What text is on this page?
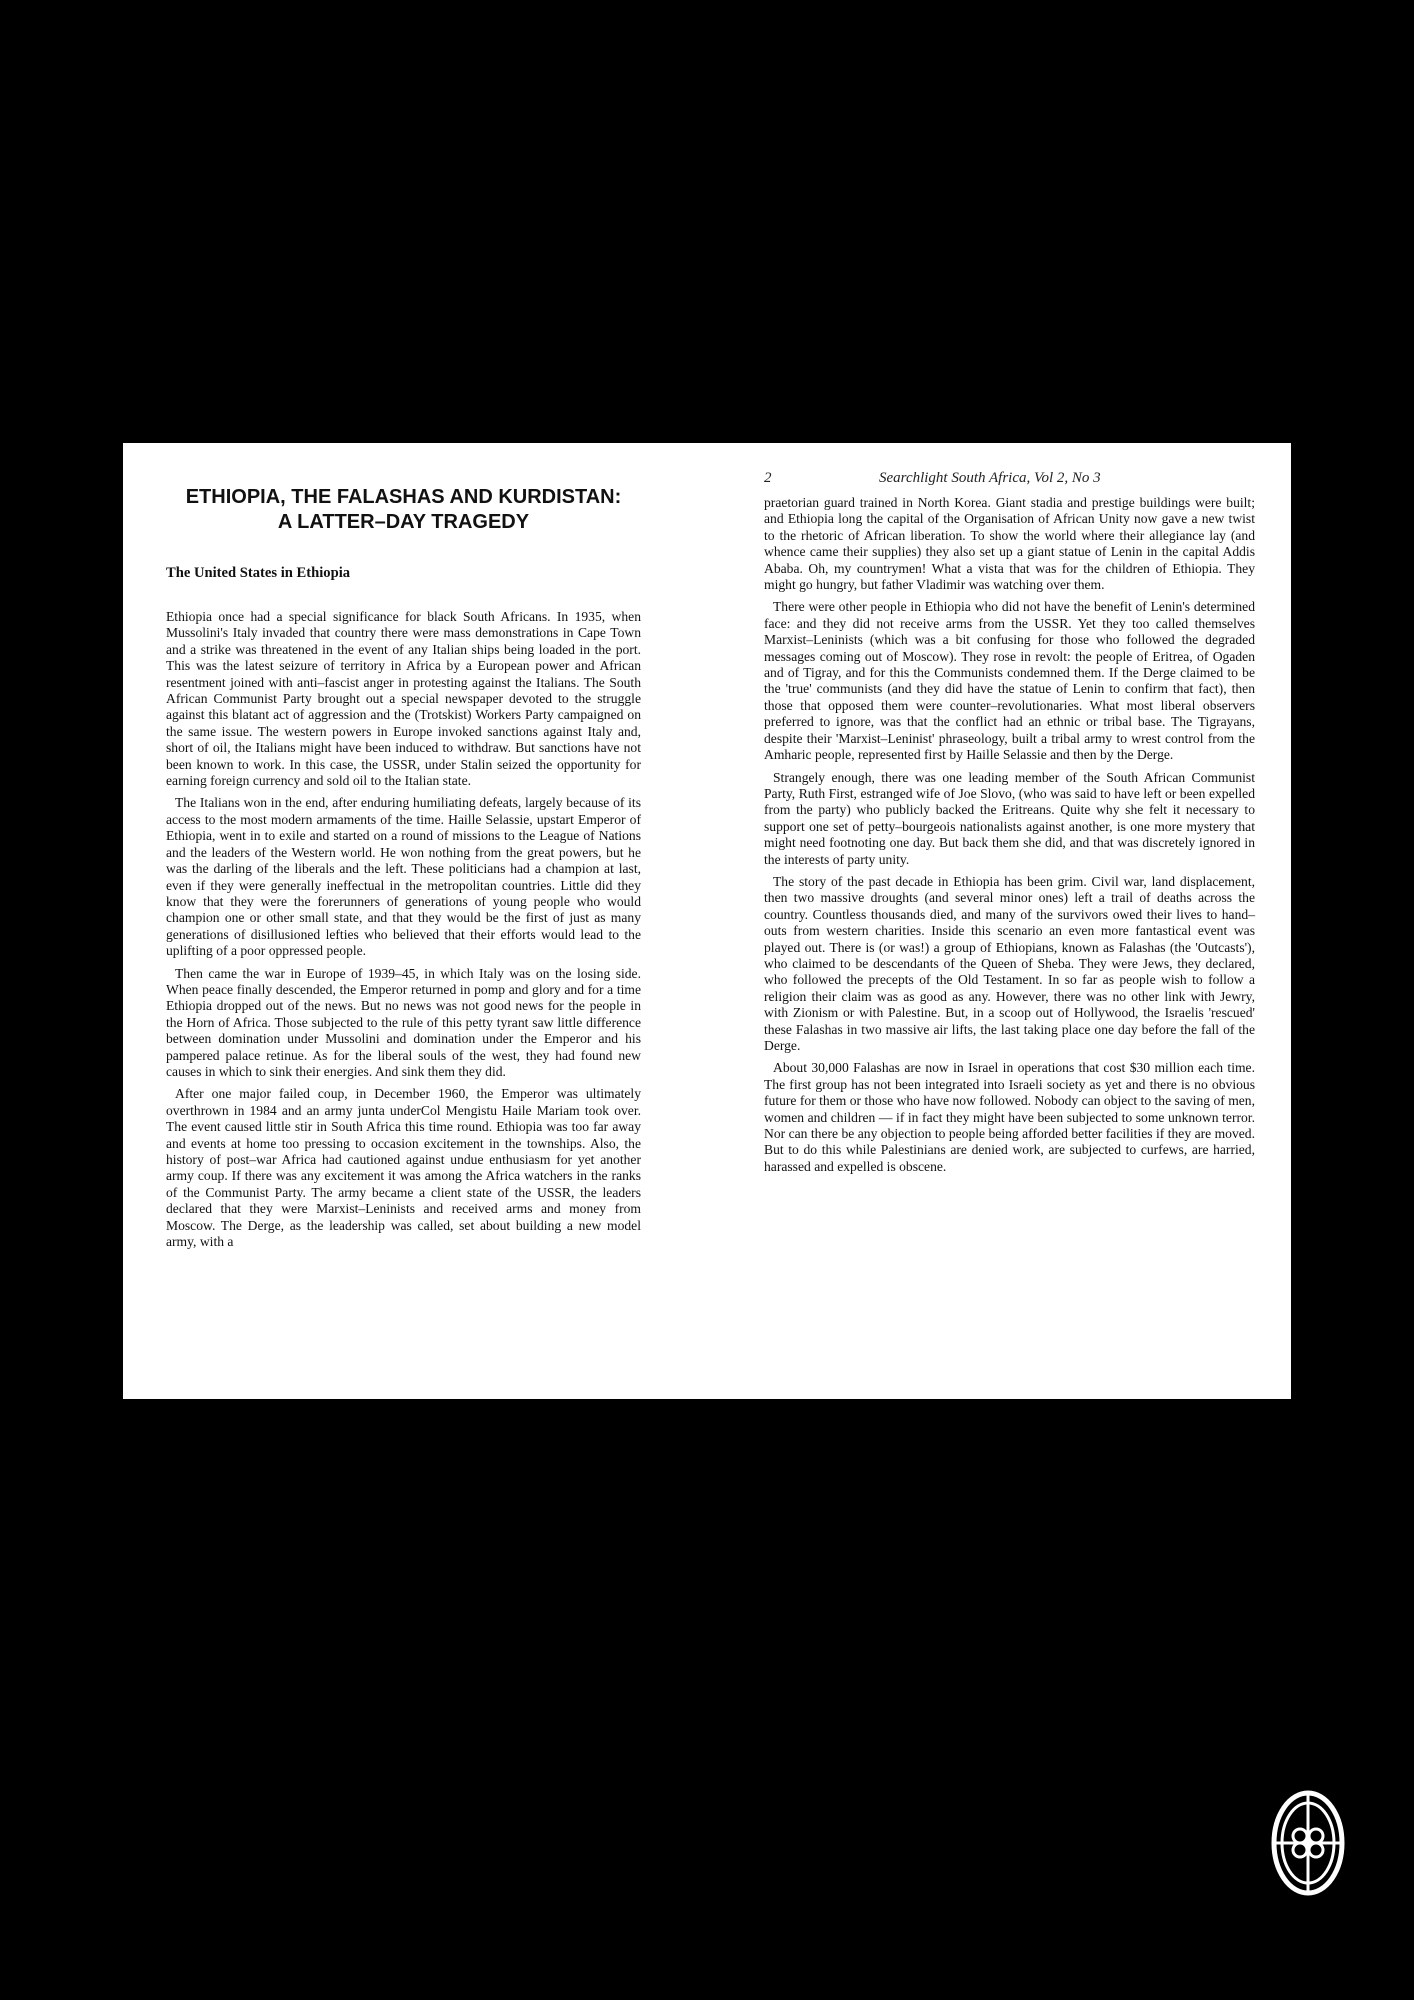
ETHIOPIA, THE FALASHAS AND KURDISTAN:
A LATTER–DAY TRAGEDY
The United States in Ethiopia

Ethiopia once had a special significance for black South Africans. In 1935, when Mussolini's Italy invaded that country there were mass demonstrations in Cape Town and a strike was threatened in the event of any Italian ships being loaded in the port. This was the latest seizure of territory in Africa by a European power and African resentment joined with anti–fascist anger in protesting against the Italians. The South African Communist Party brought out a special newspaper devoted to the struggle against this blatant act of aggression and the (Trotskist) Workers Party campaigned on the same issue. The western powers in Europe invoked sanctions against Italy and, short of oil, the Italians might have been induced to withdraw. But sanctions have not been known to work. In this case, the USSR, under Stalin seized the opportunity for earning foreign currency and sold oil to the Italian state.

The Italians won in the end, after enduring humiliating defeats, largely because of its access to the most modern armaments of the time. Haille Selassie, upstart Emperor of Ethiopia, went in to exile and started on a round of missions to the League of Nations and the leaders of the Western world. He won nothing from the great powers, but he was the darling of the liberals and the left. These politicians had a champion at last, even if they were generally ineffectual in the metropolitan countries. Little did they know that they were the forerunners of generations of young people who would champion one or other small state, and that they would be the first of just as many generations of disillusioned lefties who believed that their efforts would lead to the uplifting of a poor oppressed people.

Then came the war in Europe of 1939–45, in which Italy was on the losing side. When peace finally descended, the Emperor returned in pomp and glory and for a time Ethiopia dropped out of the news. But no news was not good news for the people in the Horn of Africa. Those subjected to the rule of this petty tyrant saw little difference between domination under Mussolini and domination under the Emperor and his pampered palace retinue. As for the liberal souls of the west, they had found new causes in which to sink their energies. And sink them they did.

After one major failed coup, in December 1960, the Emperor was ultimately overthrown in 1984 and an army junta underCol Mengistu Haile Mariam took over. The event caused little stir in South Africa this time round. Ethiopia was too far away and events at home too pressing to occasion excitement in the townships. Also, the history of post–war Africa had cautioned against undue enthusiasm for yet another army coup. If there was any excitement it was among the Africa watchers in the ranks of the Communist Party. The army became a client state of the USSR, the leaders declared that they were Marxist–Leninists and received arms and money from Moscow. The Derge, as the leadership was called, set about building a new model army, with a

2	Searchlight South Africa, Vol 2, No 3

praetorian guard trained in North Korea. Giant stadia and prestige buildings were built; and Ethiopia long the capital of the Organisation of African Unity now gave a new twist to the rhetoric of African liberation. To show the world where their allegiance lay (and whence came their supplies) they also set up a giant statue of Lenin in the capital Addis Ababa. Oh, my countrymen! What a vista that was for the children of Ethiopia. They might go hungry, but father Vladimir was watching over them.

There were other people in Ethiopia who did not have the benefit of Lenin's determined face: and they did not receive arms from the USSR. Yet they too called themselves Marxist–Leninists (which was a bit confusing for those who followed the degraded messages coming out of Moscow). They rose in revolt: the people of Eritrea, of Ogaden and of Tigray, and for this the Communists condemned them. If the Derge claimed to be the 'true' communists (and they did have the statue of Lenin to confirm that fact), then those that opposed them were counter–revolutionaries. What most liberal observers preferred to ignore, was that the conflict had an ethnic or tribal base. The Tigrayans, despite their 'Marxist–Leninist' phraseology, built a tribal army to wrest control from the Amharic people, represented first by Haille Selassie and then by the Derge.

Strangely enough, there was one leading member of the South African Communist Party, Ruth First, estranged wife of Joe Slovo, (who was said to have left or been expelled from the party) who publicly backed the Eritreans. Quite why she felt it necessary to support one set of petty–bourgeois nationalists against another, is one more mystery that might need footnoting one day. But back them she did, and that was discretely ignored in the interests of party unity.

The story of the past decade in Ethiopia has been grim. Civil war, land displacement, then two massive droughts (and several minor ones) left a trail of deaths across the country. Countless thousands died, and many of the survivors owed their lives to hand–outs from western charities. Inside this scenario an even more fantastical event was played out. There is (or was!) a group of Ethiopians, known as Falashas (the 'Outcasts'), who claimed to be descendants of the Queen of Sheba. They were Jews, they declared, who followed the precepts of the Old Testament. In so far as people wish to follow a religion their claim was as good as any. However, there was no other link with Jewry, with Zionism or with Palestine. But, in a scoop out of Hollywood, the Israelis 'rescued' these Falashas in two massive air lifts, the last taking place one day before the fall of the Derge.

About 30,000 Falashas are now in Israel in operations that cost $30 million each time. The first group has not been integrated into Israeli society as yet and there is no obvious future for them or those who have now followed. Nobody can object to the saving of men, women and children — if in fact they might have been subjected to some unknown terror. Nor can there be any objection to people being afforded better facilities if they are moved. But to do this while Palestinians are denied work, are subjected to curfews, are harried, harassed and expelled is obscene.
